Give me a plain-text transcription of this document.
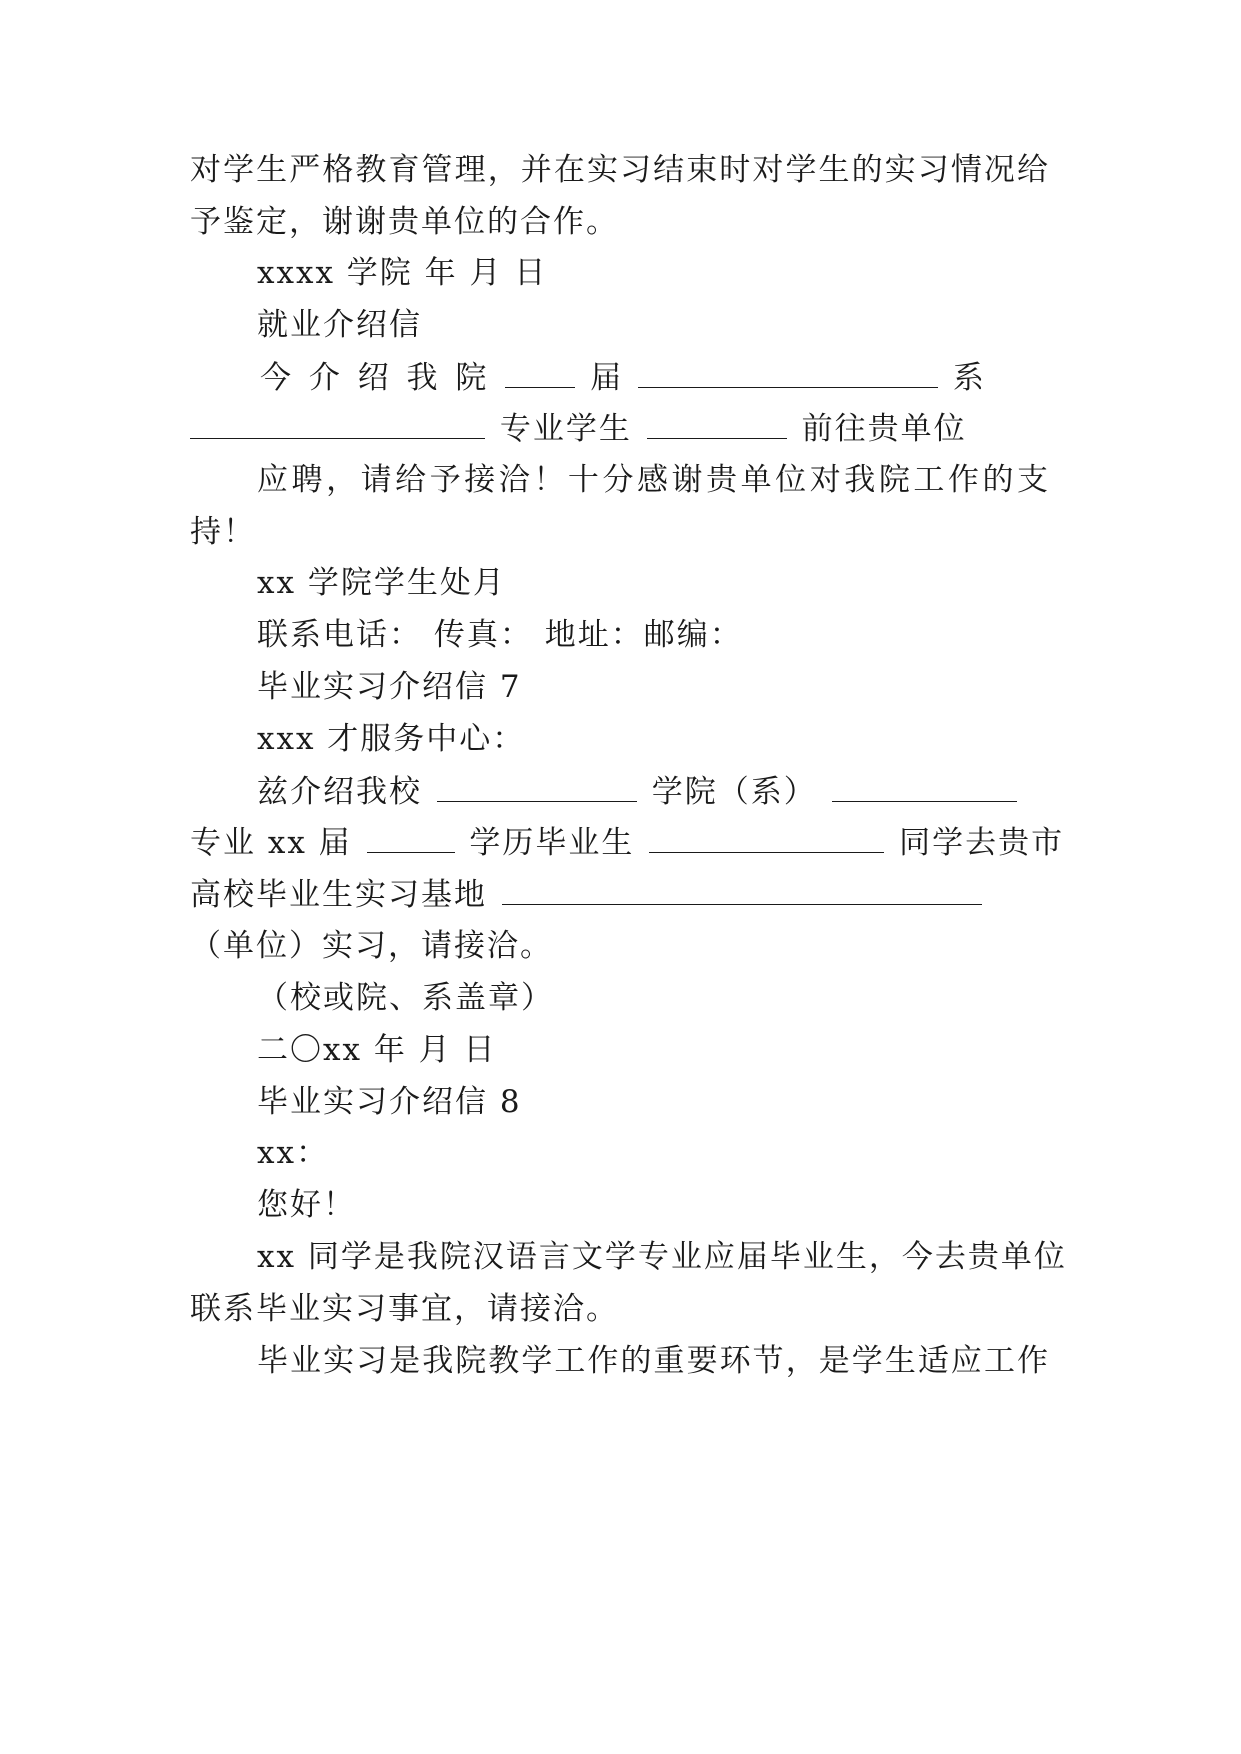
对学生严格教育管理，并在实习结束时对学生的实习情况给
予鉴定，谢谢贵单位的合作。
xxxx 学院 年 月 日
就业介绍信
今 介 绍 我 院	届	系
专业学生	前往贵单位
应聘，请给予接洽！十分感谢贵单位对我院工作的支
持！
xx 学院学生处月
联系电话： 传真： 地址：邮编：
毕业实习介绍信 7
xxx 才服务中心：
兹介绍我校	学院（系）
专业 xx 届	学历毕业生	同学去贵市
高校毕业生实习基地
（单位）实习，请接洽。
（校或院、系盖章）
二〇xx 年 月 日
毕业实习介绍信 8
xx：
您好！
xx 同学是我院汉语言文学专业应届毕业生，今去贵单位
联系毕业实习事宜，请接洽。
毕业实习是我院教学工作的重要环节，是学生适应工作
